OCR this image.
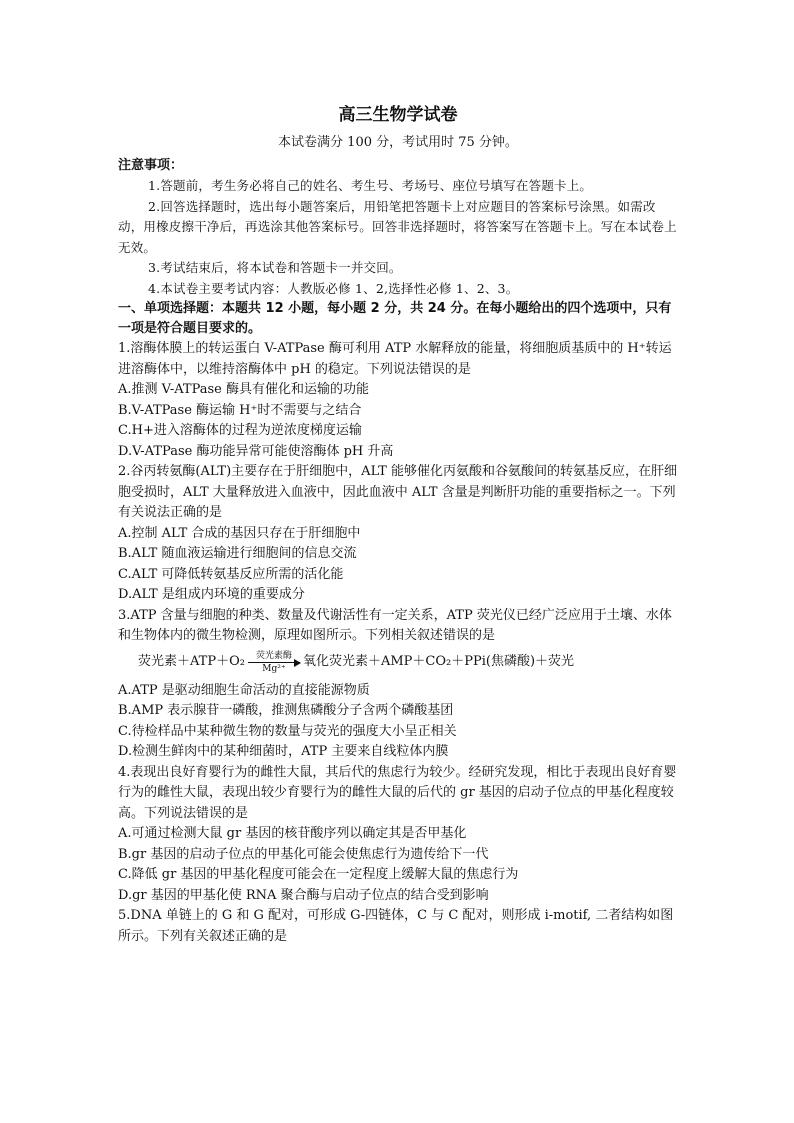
高三生物学试卷

本试卷满分 100 分，考试用时 75 分钟。

注意事项：

1.答题前，考生务必将自己的姓名、考生号、考场号、座位号填写在答题卡上。

2.回答选择题时，选出每小题答案后，用铅笔把答题卡上对应题目的答案标号涂黑。如需改动，用橡皮擦干净后，再选涂其他答案标号。回答非选择题时，将答案写在答题卡上。写在本试卷上无效。

3.考试结束后，将本试卷和答题卡一并交回。

4.本试卷主要考试内容：人教版必修 1、2,选择性必修 1、2、3。

一、单项选择题：本题共 12 小题，每小题 2 分，共 24 分。在每小题给出的四个选项中，只有一项是符合题目要求的。

1.溶酶体膜上的转运蛋白 V-ATPase 酶可利用 ATP 水解释放的能量，将细胞质基质中的 H⁺转运进溶酶体中，以维持溶酶体中 pH 的稳定。下列说法错误的是

A.推测 V-ATPase 酶具有催化和运输的功能

B.V-ATPase 酶运输 H⁺时不需要与之结合

C.H+进入溶酶体的过程为逆浓度梯度运输

D.V-ATPase 酶功能异常可能使溶酶体 pH 升高

2.谷丙转氨酶(ALT)主要存在于肝细胞中，ALT 能够催化丙氨酸和谷氨酸间的转氨基反应，在肝细胞受损时，ALT 大量释放进入血液中，因此血液中 ALT 含量是判断肝功能的重要指标之一。下列有关说法正确的是

A.控制 ALT 合成的基因只存在于肝细胞中

B.ALT 随血液运输进行细胞间的信息交流

C.ALT 可降低转氨基反应所需的活化能

D.ALT 是组成内环境的重要成分

3.ATP 含量与细胞的种类、数量及代谢活性有一定关系，ATP 荧光仪已经广泛应用于土壤、水体和生物体内的微生物检测，原理如图所示。下列相关叙述错误的是

荧光素＋ATP＋O₂ 荧光素酶
Mg²⁺ 氧化荧光素＋AMP＋CO₂＋PPi(焦磷酸)＋荧光

A.ATP 是驱动细胞生命活动的直接能源物质

B.AMP 表示腺苷一磷酸，推测焦磷酸分子含两个磷酸基团

C.待检样品中某种微生物的数量与荧光的强度大小呈正相关

D.检测生鲜肉中的某种细菌时，ATP 主要来自线粒体内膜

4.表现出良好育婴行为的雌性大鼠，其后代的焦虑行为较少。经研究发现，相比于表现出良好育婴行为的雌性大鼠，表现出较少育婴行为的雌性大鼠的后代的 gr 基因的启动子位点的甲基化程度较高。下列说法错误的是

A.可通过检测大鼠 gr 基因的核苷酸序列以确定其是否甲基化

B.gr 基因的启动子位点的甲基化可能会使焦虑行为遗传给下一代

C.降低 gr 基因的甲基化程度可能会在一定程度上缓解大鼠的焦虑行为

D.gr 基因的甲基化使 RNA 聚合酶与启动子位点的结合受到影响

5.DNA 单链上的 G 和 G 配对，可形成 G-四链体，C 与 C 配对，则形成 i-motif, 二者结构如图所示。下列有关叙述正确的是
